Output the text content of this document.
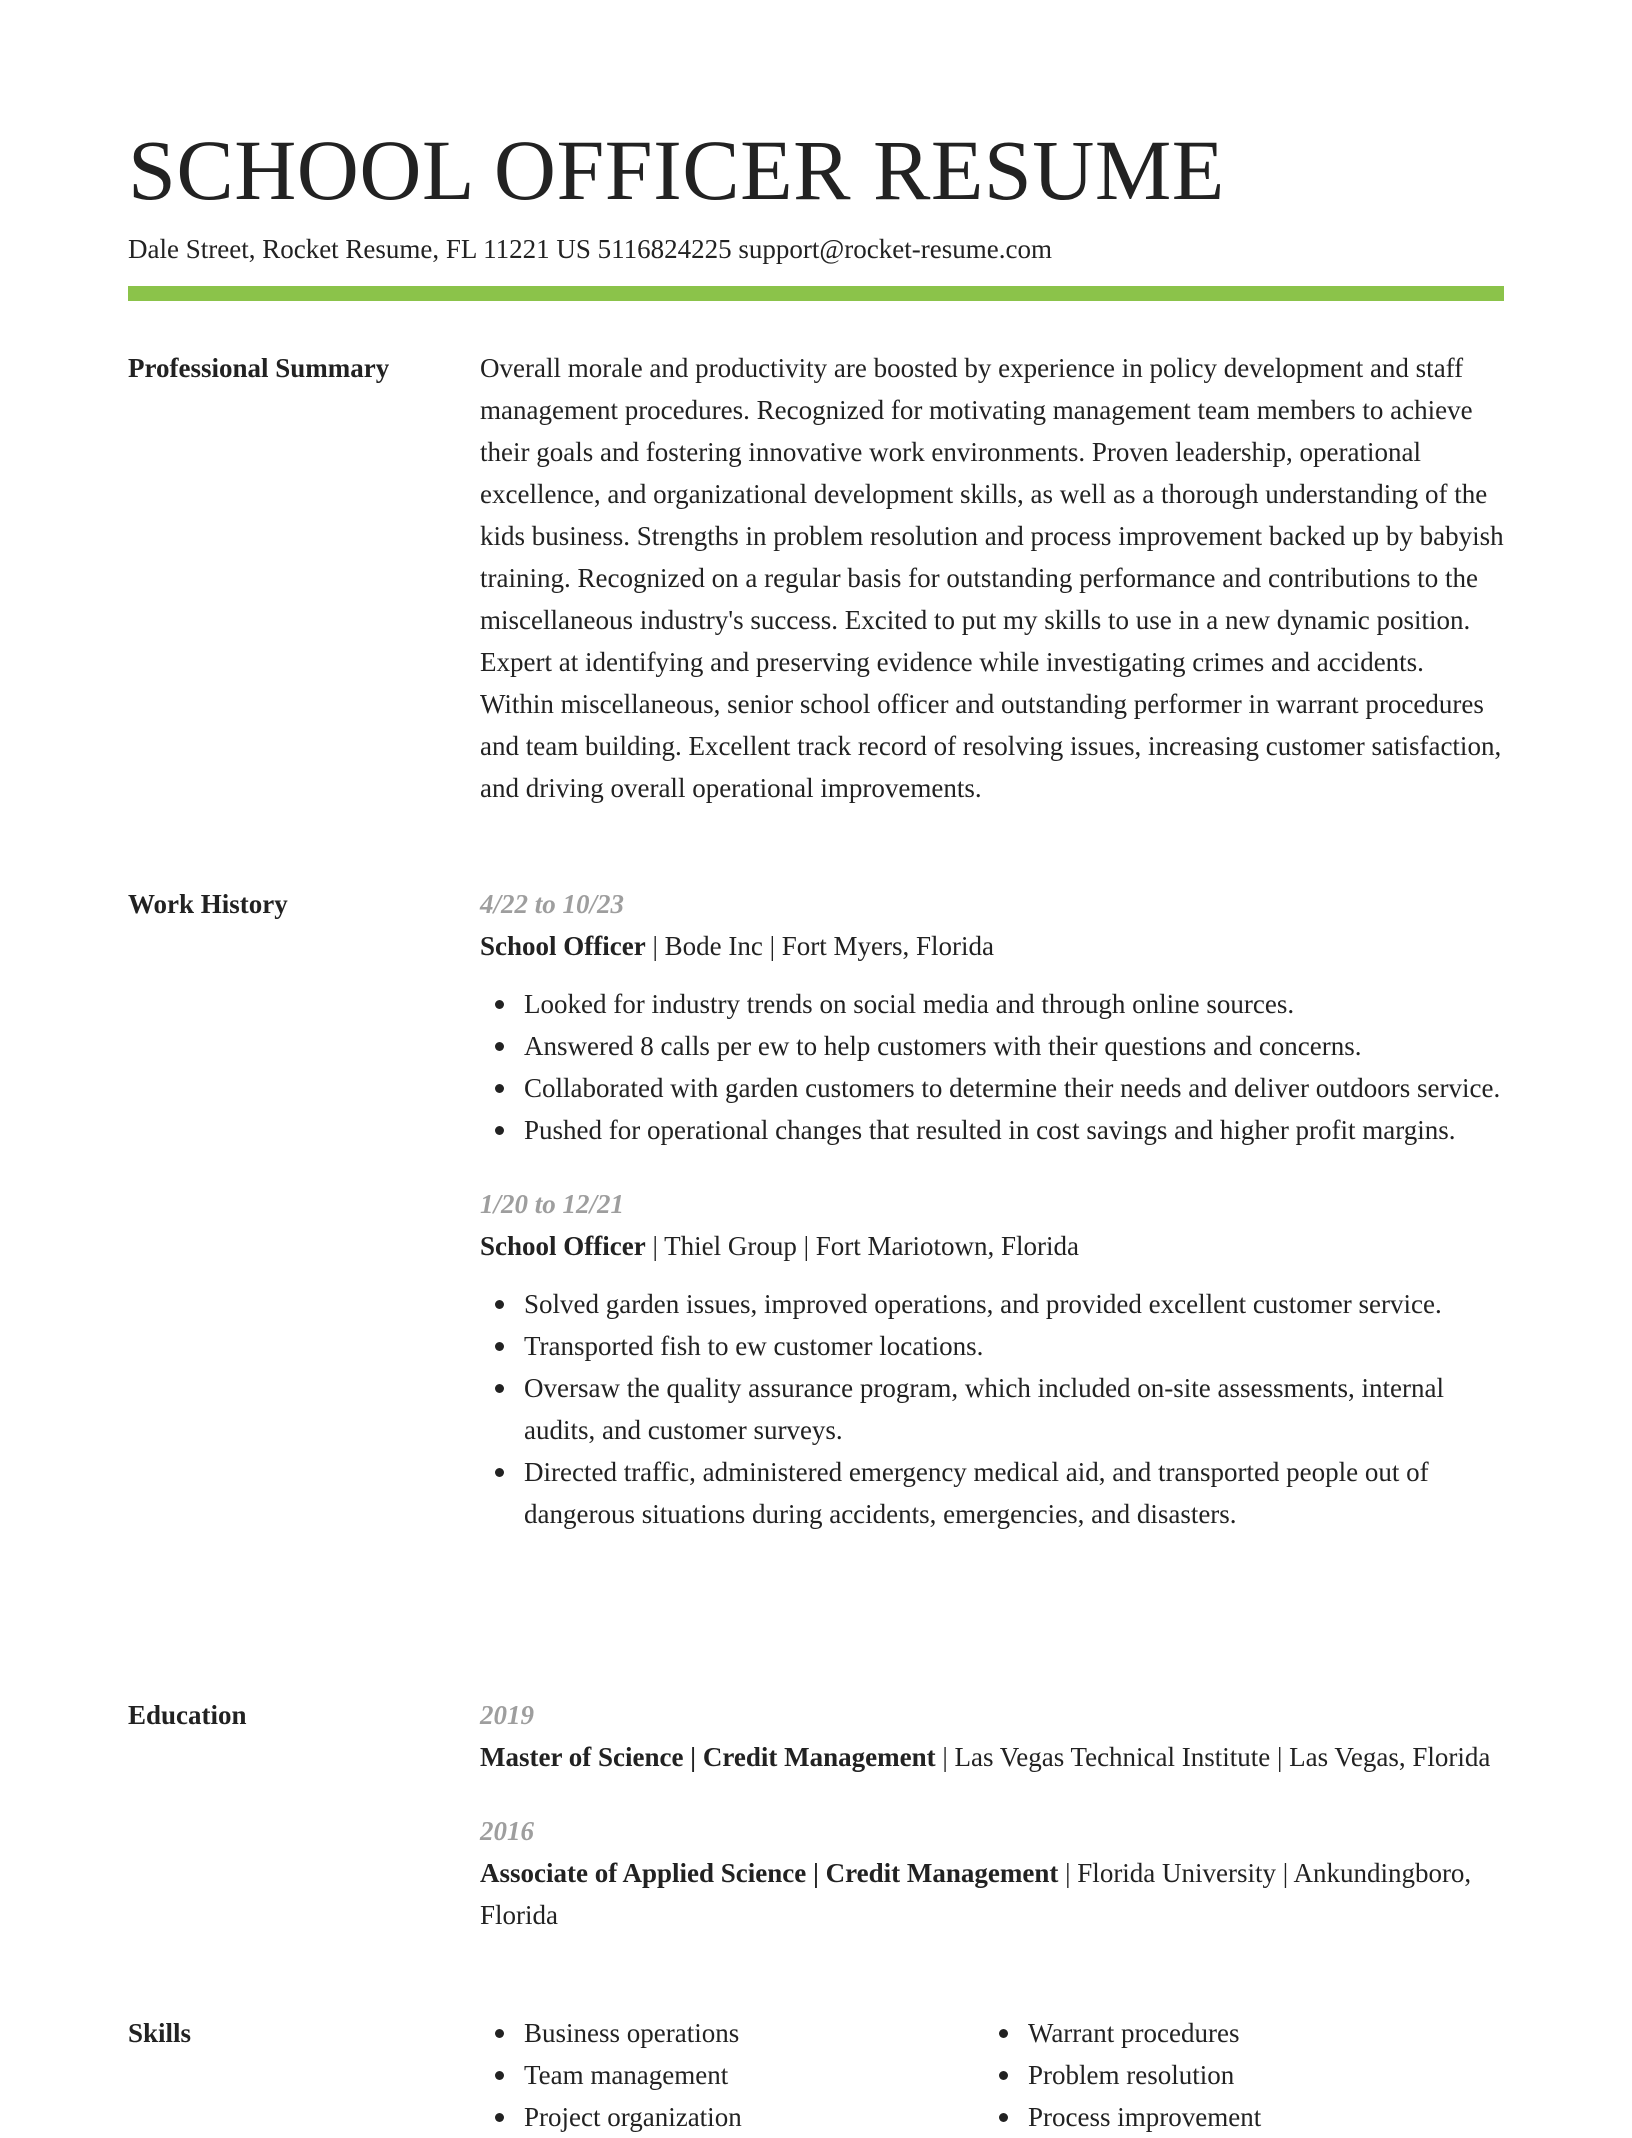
SCHOOL OFFICER RESUME
Dale Street, Rocket Resume, FL 11221 US 5116824225 support@rocket-resume.com
Professional Summary	Overall morale and productivity are boosted by experience in policy development and staff management procedures. Recognized for motivating management team members to achieve their goals and fostering innovative work environments. Proven leadership, operational excellence, and organizational development skills, as well as a thorough understanding of the kids business. Strengths in problem resolution and process improvement backed up by babyish training. Recognized on a regular basis for outstanding performance and contributions to the miscellaneous industry's success. Excited to put my skills to use in a new dynamic position. Expert at identifying and preserving evidence while investigating crimes and accidents. Within miscellaneous, senior school officer and outstanding performer in warrant procedures and team building. Excellent track record of resolving issues, increasing customer satisfaction, and driving overall operational improvements.
Work History	4/22 to 10/23
School Officer | Bode Inc | Fort Myers, Florida
Looked for industry trends on social media and through online sources.
Answered 8 calls per ew to help customers with their questions and concerns.
Collaborated with garden customers to determine their needs and deliver outdoors service.
Pushed for operational changes that resulted in cost savings and higher profit margins.
1/20 to 12/21
School Officer | Thiel Group | Fort Mariotown, Florida
Solved garden issues, improved operations, and provided excellent customer service.
Transported fish to ew customer locations.
Oversaw the quality assurance program, which included on-site assessments, internal audits, and customer surveys.
Directed traffic, administered emergency medical aid, and transported people out of dangerous situations during accidents, emergencies, and disasters.
Education	2019
Master of Science | Credit Management | Las Vegas Technical Institute | Las Vegas, Florida
2016
Associate of Applied Science | Credit Management | Florida University | Ankundingboro, Florida
Skills	Business operations
Team management
Project organization
Warrant procedures
Problem resolution
Process improvement
